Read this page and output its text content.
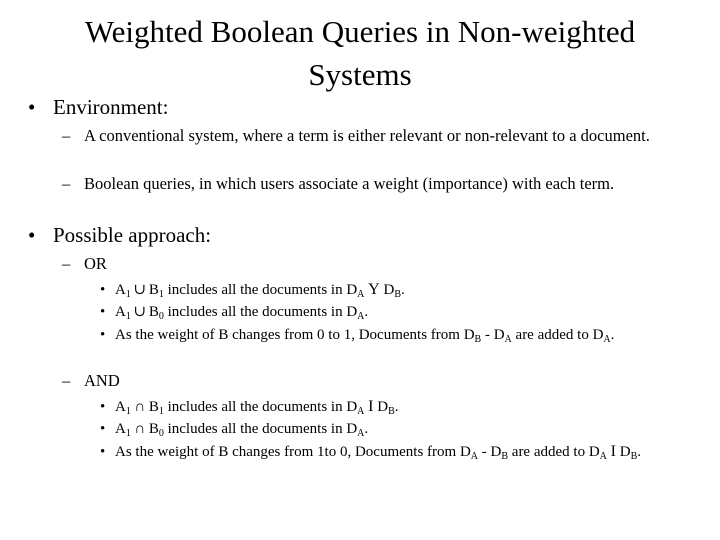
Weighted Boolean Queries in Non-weighted Systems
• Environment:
– A conventional system, where a term is either relevant or non-relevant to a document.
– Boolean queries, in which users associate a weight (importance) with each term.
• Possible approach:
– OR
• $A_1$ ∪ $B_1$ includes all the documents in $D_A$ Y $D_B$.
• $A_1$ ∪ $B_0$ includes all the documents in $D_A$.
• As the weight of B changes from 0 to 1, Documents from $D_B - D_A$ are added to $D_A$.
– AND
• $A_1$ ∩ $B_1$ includes all the documents in $D_A$ I $D_B$.
• $A_1$ ∩ $B_0$ includes all the documents in $D_A$.
• As the weight of B changes from 1to 0, Documents from $D_A - D_B$ are added to $D_A$ I $D_B$.
